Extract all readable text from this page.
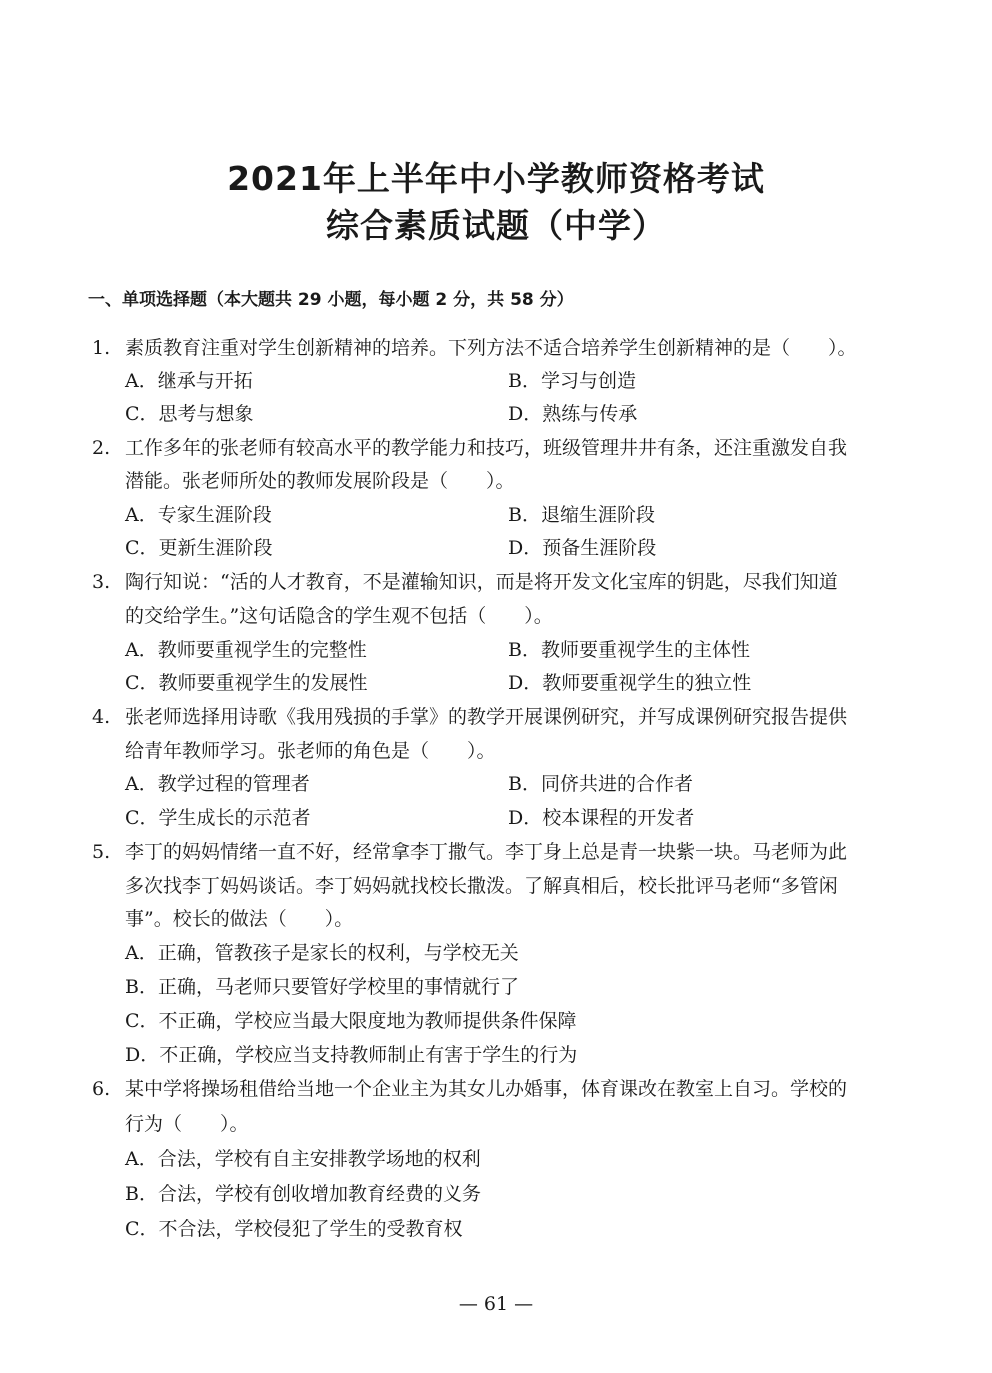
2021年上半年中小学教师资格考试
综合素质试题（中学）
一、单项选择题（本大题共 29 小题，每小题 2 分，共 58 分）
1. 素质教育注重对学生创新精神的培养。下列方法不适合培养学生创新精神的是（　　）。
A．继承与开拓	B．学习与创造
C．思考与想象	D．熟练与传承
2. 工作多年的张老师有较高水平的教学能力和技巧，班级管理井井有条，还注重激发自我
潜能。张老师所处的教师发展阶段是（　　）。
A．专家生涯阶段	B．退缩生涯阶段
C．更新生涯阶段	D．预备生涯阶段
3. 陶行知说：“活的人才教育，不是灌输知识，而是将开发文化宝库的钥匙，尽我们知道
的交给学生。”这句话隐含的学生观不包括（　　）。
A．教师要重视学生的完整性	B．教师要重视学生的主体性
C．教师要重视学生的发展性	D．教师要重视学生的独立性
4. 张老师选择用诗歌《我用残损的手掌》的教学开展课例研究，并写成课例研究报告提供
给青年教师学习。张老师的角色是（　　）。
A．教学过程的管理者	B．同侪共进的合作者
C．学生成长的示范者	D．校本课程的开发者
5. 李丁的妈妈情绪一直不好，经常拿李丁撒气。李丁身上总是青一块紫一块。马老师为此
多次找李丁妈妈谈话。李丁妈妈就找校长撒泼。了解真相后，校长批评马老师“多管闲
事”。校长的做法（　　）。
A．正确，管教孩子是家长的权利，与学校无关
B．正确，马老师只要管好学校里的事情就行了
C．不正确，学校应当最大限度地为教师提供条件保障
D．不正确，学校应当支持教师制止有害于学生的行为
6. 某中学将操场租借给当地一个企业主为其女儿办婚事，体育课改在教室上自习。学校的
行为（　　）。
A．合法，学校有自主安排教学场地的权利
B．合法，学校有创收增加教育经费的义务
C．不合法，学校侵犯了学生的受教育权
— 61 —
